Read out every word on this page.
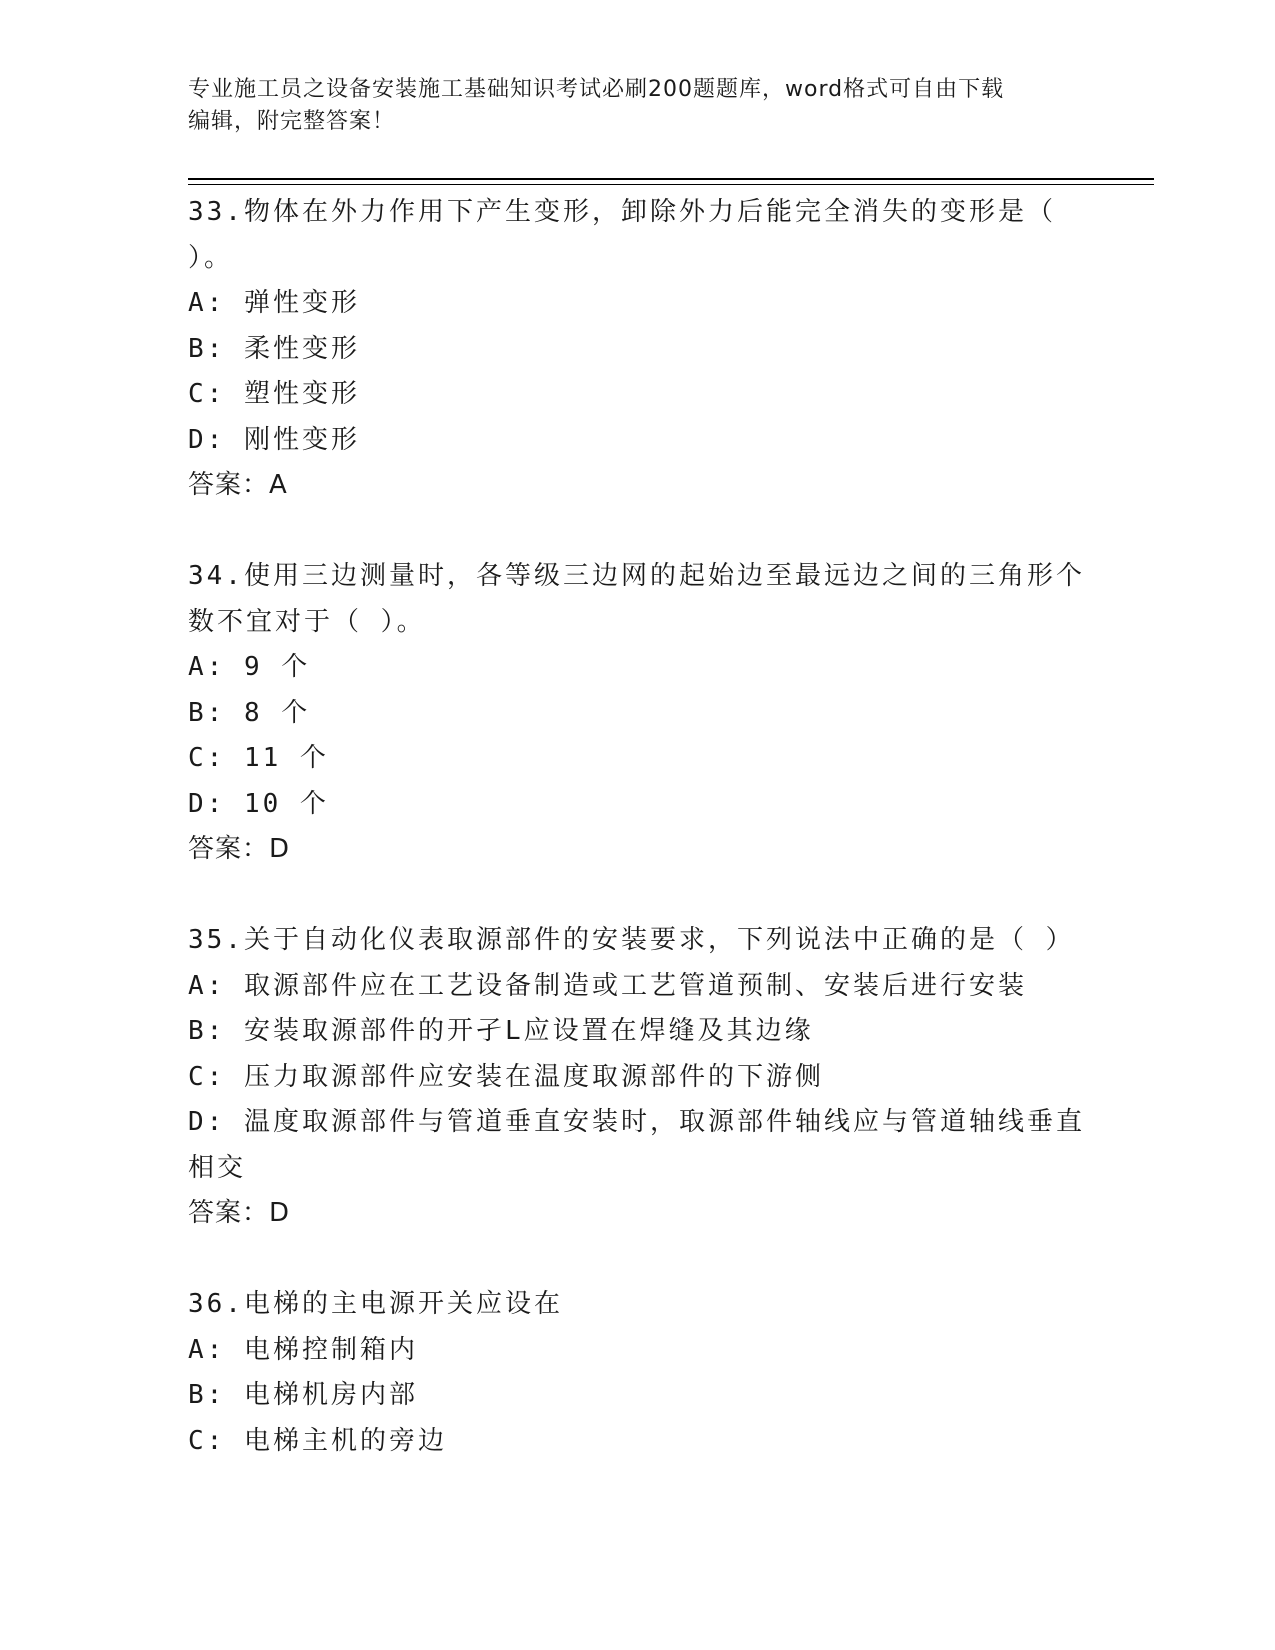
专业施工员之设备安装施工基础知识考试必刷200题题库，word格式可自由下载
编辑，附完整答案！
33.物体在外力作用下产生变形，卸除外力后能完全消失的变形是（
）。
A: 弹性变形
B: 柔性变形
C: 塑性变形
D: 刚性变形
答案：A
34.使用三边测量时，各等级三边网的起始边至最远边之间的三角形个
数不宜对于（ ）。
A: 9 个
B: 8 个
C: 11 个
D: 10 个
答案：D
35.关于自动化仪表取源部件的安装要求，下列说法中正确的是（ ）
A: 取源部件应在工艺设备制造或工艺管道预制、安装后进行安装
B: 安装取源部件的开孑L应设置在焊缝及其边缘
C: 压力取源部件应安装在温度取源部件的下游侧
D: 温度取源部件与管道垂直安装时，取源部件轴线应与管道轴线垂直
相交
答案：D
36.电梯的主电源开关应设在
A: 电梯控制箱内
B: 电梯机房内部
C: 电梯主机的旁边
